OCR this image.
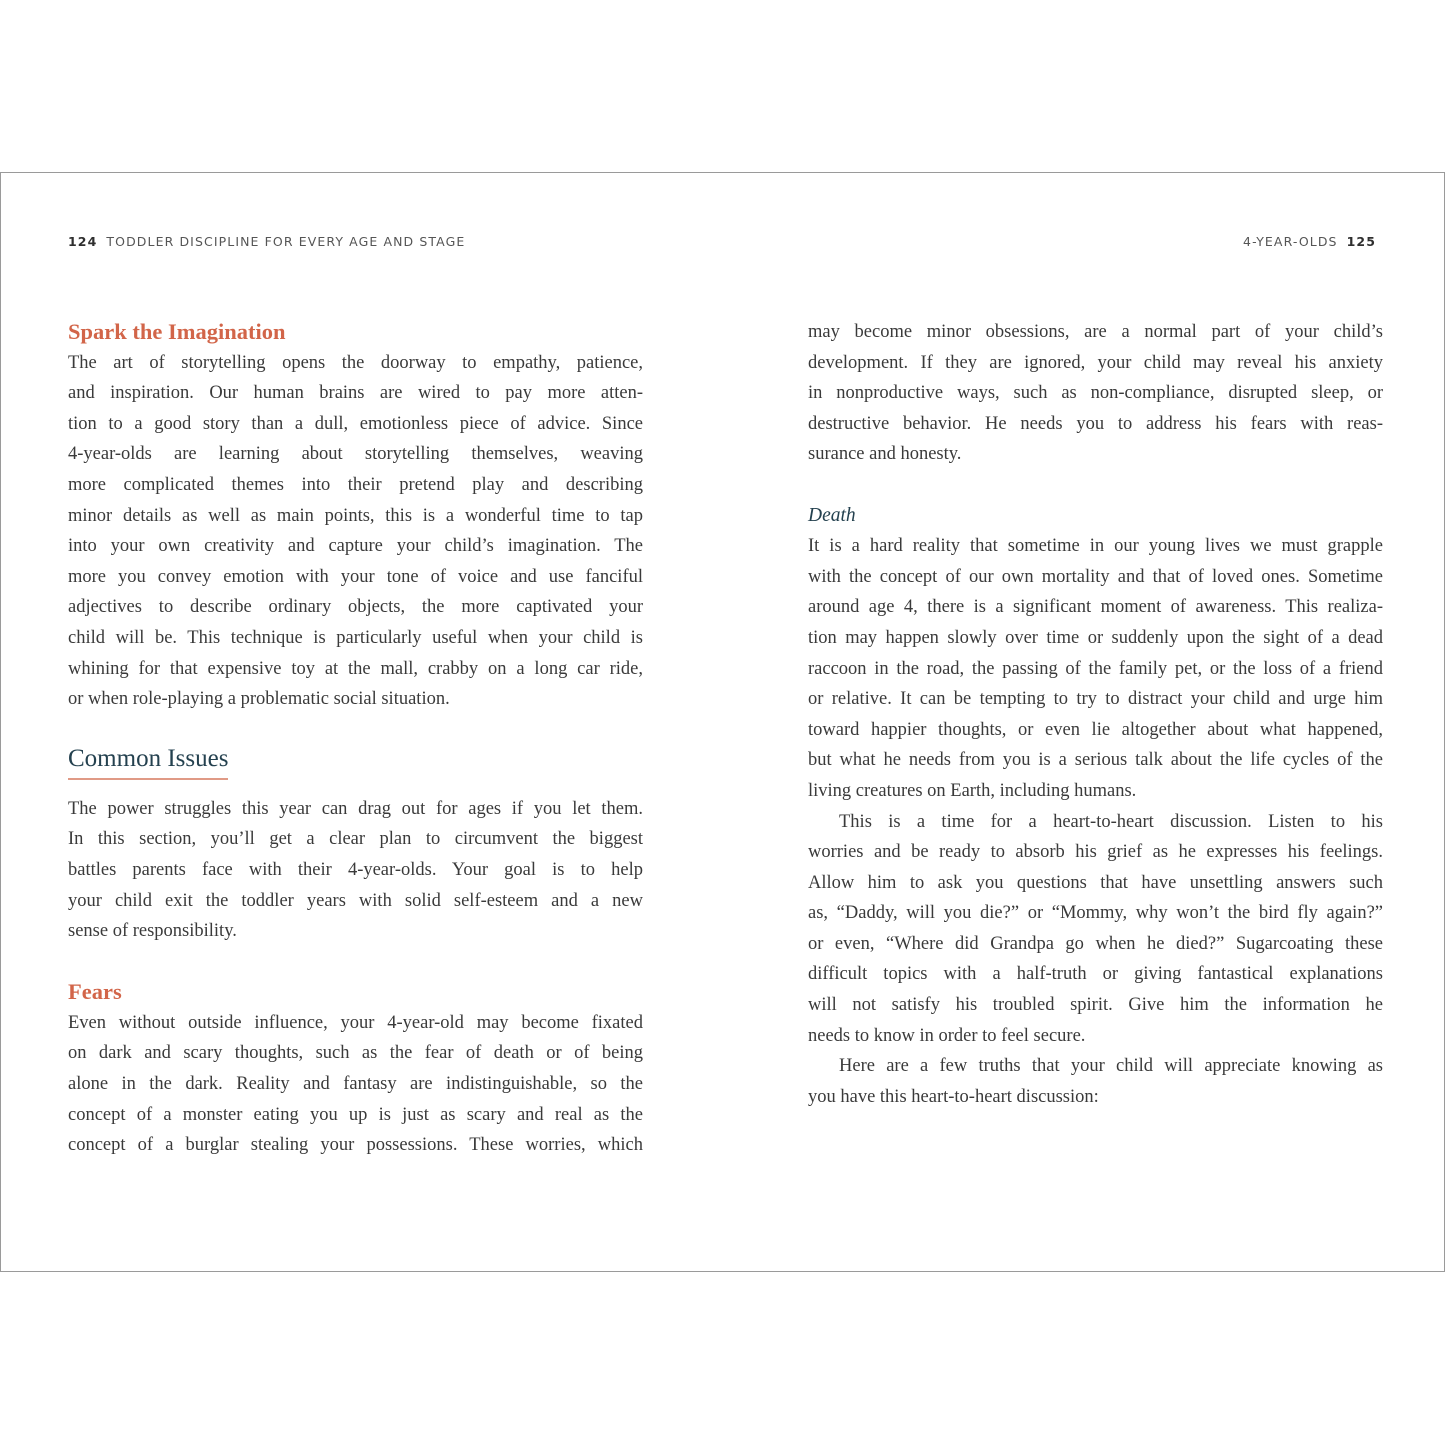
124 TODDLER DISCIPLINE FOR EVERY AGE AND STAGE	4-YEAR-OLDS 125
Spark the Imagination
The art of storytelling opens the doorway to empathy, patience,
and inspiration. Our human brains are wired to pay more atten-
tion to a good story than a dull, emotionless piece of advice. Since
4-year-olds are learning about storytelling themselves, weaving
more complicated themes into their pretend play and describing
minor details as well as main points, this is a wonderful time to tap
into your own creativity and capture your child’s imagination. The
more you convey emotion with your tone of voice and use fanciful
adjectives to describe ordinary objects, the more captivated your
child will be. This technique is particularly useful when your child is
whining for that expensive toy at the mall, crabby on a long car ride,
or when role-playing a problematic social situation.
Common Issues
The power struggles this year can drag out for ages if you let them.
In this section, you’ll get a clear plan to circumvent the biggest
battles parents face with their 4-year-olds. Your goal is to help
your child exit the toddler years with solid self-esteem and a new
sense of responsibility.
Fears
Even without outside influence, your 4-year-old may become fixated
on dark and scary thoughts, such as the fear of death or of being
alone in the dark. Reality and fantasy are indistinguishable, so the
concept of a monster eating you up is just as scary and real as the
concept of a burglar stealing your possessions. These worries, which
may become minor obsessions, are a normal part of your child’s
development. If they are ignored, your child may reveal his anxiety
in nonproductive ways, such as non-compliance, disrupted sleep, or
destructive behavior. He needs you to address his fears with reas-
surance and honesty.
Death
It is a hard reality that sometime in our young lives we must grapple
with the concept of our own mortality and that of loved ones. Sometime
around age 4, there is a significant moment of awareness. This realiza-
tion may happen slowly over time or suddenly upon the sight of a dead
raccoon in the road, the passing of the family pet, or the loss of a friend
or relative. It can be tempting to try to distract your child and urge him
toward happier thoughts, or even lie altogether about what happened,
but what he needs from you is a serious talk about the life cycles of the
living creatures on Earth, including humans.
This is a time for a heart-to-heart discussion. Listen to his
worries and be ready to absorb his grief as he expresses his feelings.
Allow him to ask you questions that have unsettling answers such
as, “Daddy, will you die?” or “Mommy, why won’t the bird fly again?”
or even, “Where did Grandpa go when he died?” Sugarcoating these
difficult topics with a half-truth or giving fantastical explanations
will not satisfy his troubled spirit. Give him the information he
needs to know in order to feel secure.
Here are a few truths that your child will appreciate knowing as
you have this heart-to-heart discussion:
